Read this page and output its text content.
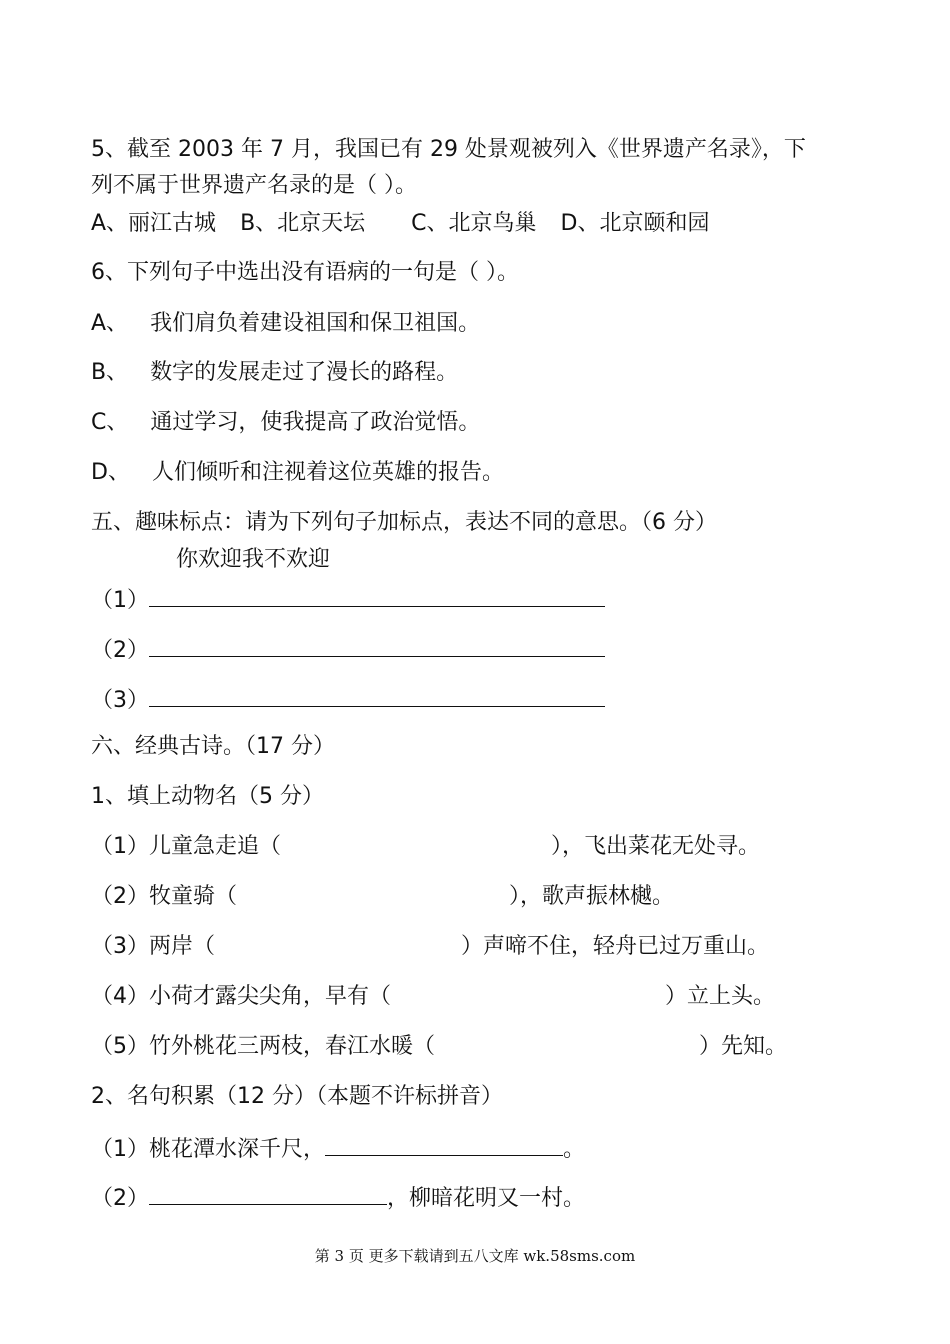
5、截至 2003 年 7 月，我国已有 29 处景观被列入《世界遗产名录》，下
列不属于世界遗产名录的是（ ）。
A、丽江古城 B、北京天坛 C、北京鸟巢 D、北京颐和园
6、下列句子中选出没有语病的一句是（ ）。
A、 我们肩负着建设祖国和保卫祖国。
B、 数字的发展走过了漫长的路程。
C、 通过学习，使我提高了政治觉悟。
D、 人们倾听和注视着这位英雄的报告。
五、趣味标点：请为下列句子加标点，表达不同的意思。（6 分）
你欢迎我不欢迎
（1）
（2）
（3）
六、经典古诗。（17 分）
1、填上动物名（5 分）
（1）儿童急走追（	），飞出菜花无处寻。
（2）牧童骑（	），歌声振林樾。
（3）两岸（	）声啼不住，轻舟已过万重山。
（4）小荷才露尖尖角，早有（	）立上头。
（5）竹外桃花三两枝，春江水暖（	）先知。
2、名句积累（12 分）（本题不许标拼音）
（1）桃花潭水深千尺，	。
（2）	，柳暗花明又一村。
第 3 页 更多下载请到五八文库 wk.58sms.com
